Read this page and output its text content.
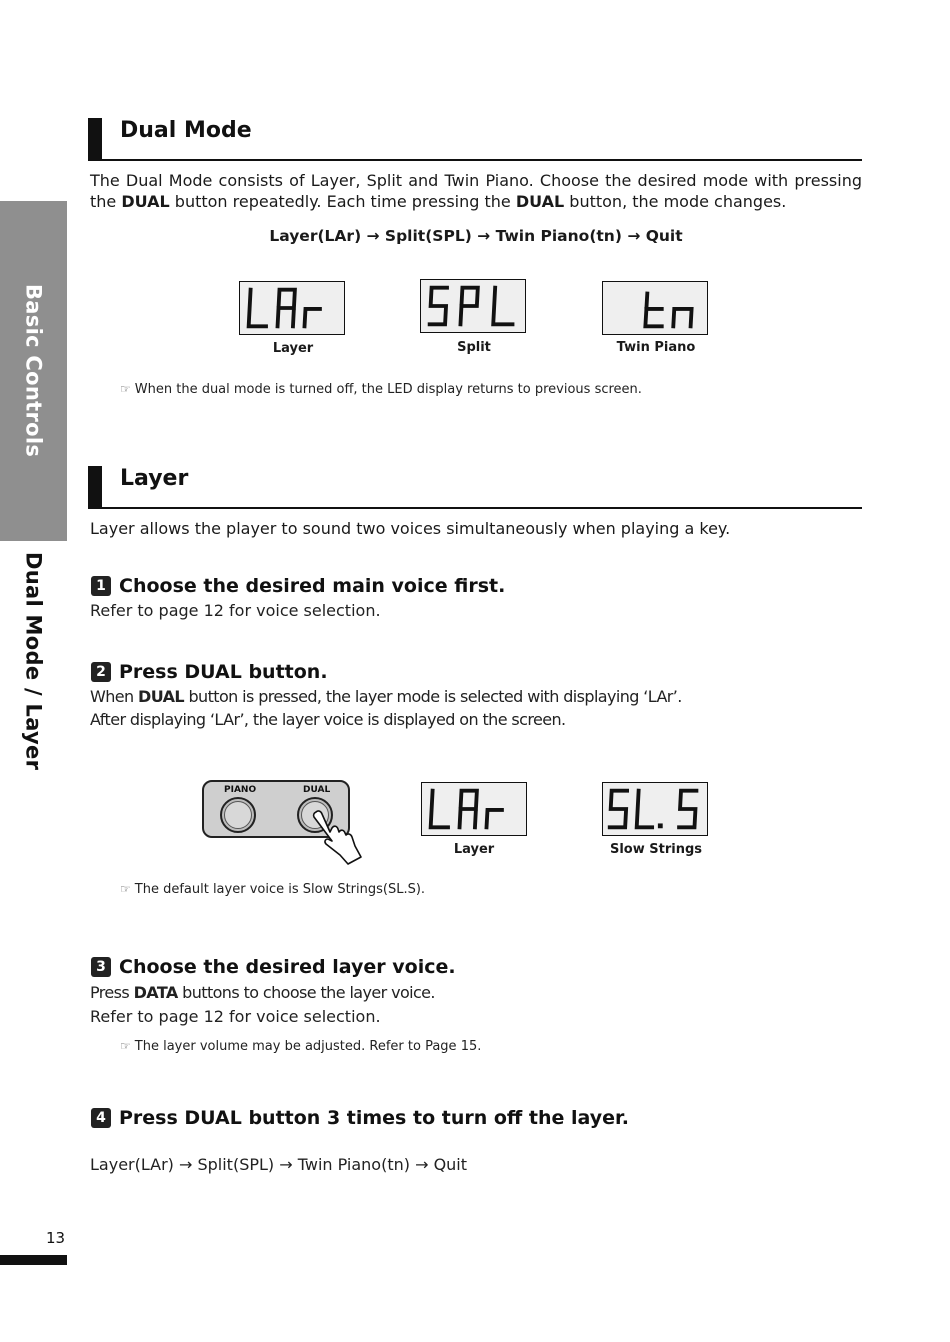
Basic Controls
Dual Mode / Layer
Dual Mode
The Dual Mode consists of Layer, Split and Twin Piano. Choose the desired mode with pressing the DUAL button repeatedly. Each time pressing the DUAL button, the mode changes.
Layer(LAr) → Split(SPL) → Twin Piano(tn) → Quit
Layer	Split	Twin Piano
☞ When the dual mode is turned off, the LED display returns to previous screen.
Layer
Layer allows the player to sound two voices simultaneously when playing a key.
1 Choose the desired main voice first.
Refer to page 12 for voice selection.
2 Press DUAL button.
When DUAL button is pressed, the layer mode is selected with displaying ‘LAr’.
After displaying ‘LAr’, the layer voice is displayed on the screen.
PIANO	DUAL
Layer	Slow Strings
☞ The default layer voice is Slow Strings(SL.S).
3 Choose the desired layer voice.
Press DATA buttons to choose the layer voice.
Refer to page 12 for voice selection.
☞ The layer volume may be adjusted. Refer to Page 15.
4 Press DUAL button 3 times to turn off the layer.
Layer(LAr) → Split(SPL) → Twin Piano(tn) → Quit
13
